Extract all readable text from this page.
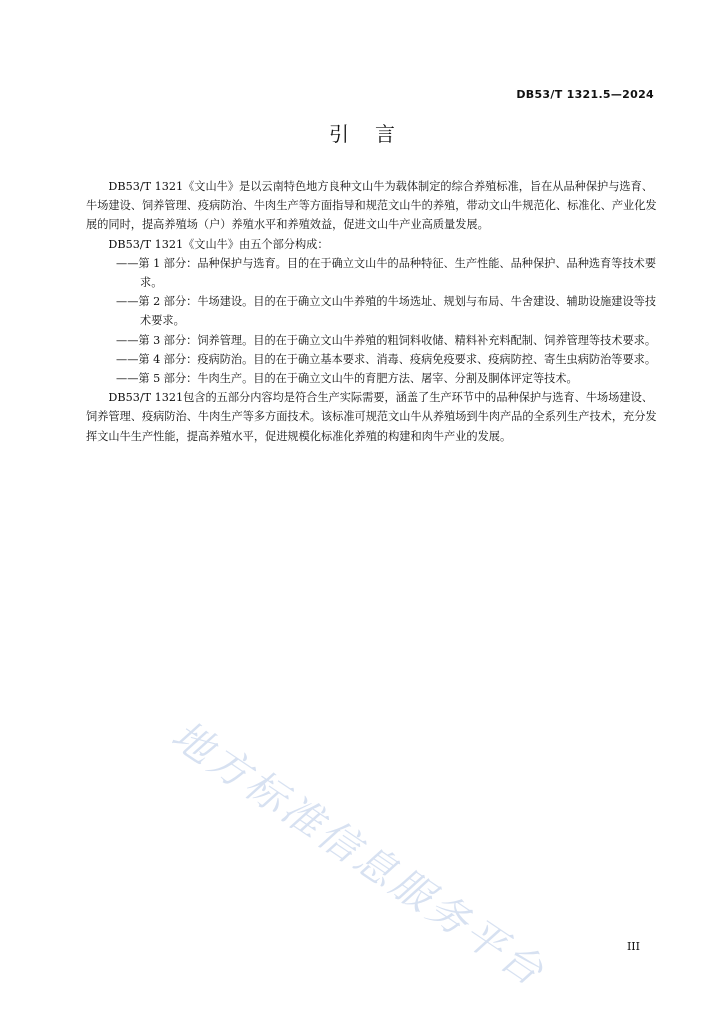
DB53/T 1321.5—2024
引言

DB53/T 1321《文山牛》是以云南特色地方良种文山牛为载体制定的综合养殖标准，旨在从品种保护与选育、牛场建设、饲养管理、疫病防治、牛肉生产等方面指导和规范文山牛的养殖，带动文山牛规范化、标准化、产业化发展的同时，提高养殖场（户）养殖水平和养殖效益，促进文山牛产业高质量发展。

DB53/T 1321《文山牛》由五个部分构成：

——第 1 部分：品种保护与选育。目的在于确立文山牛的品种特征、生产性能、品种保护、品种选育等技术要求。

——第 2 部分：牛场建设。目的在于确立文山牛养殖的牛场选址、规划与布局、牛舍建设、辅助设施建设等技术要求。

——第 3 部分：饲养管理。目的在于确立文山牛养殖的粗饲料收储、精料补充料配制、饲养管理等技术要求。

——第 4 部分：疫病防治。目的在于确立基本要求、消毒、疫病免疫要求、疫病防控、寄生虫病防治等要求。

——第 5 部分：牛肉生产。目的在于确立文山牛的育肥方法、屠宰、分割及胴体评定等技术。

DB53/T 1321包含的五部分内容均是符合生产实际需要，涵盖了生产环节中的品种保护与选育、牛场场建设、饲养管理、疫病防治、牛肉生产等多方面技术。该标准可规范文山牛从养殖场到牛肉产品的全系列生产技术，充分发挥文山牛生产性能，提高养殖水平，促进规模化标准化养殖的构建和肉牛产业的发展。

地方标准信息服务平台	III
